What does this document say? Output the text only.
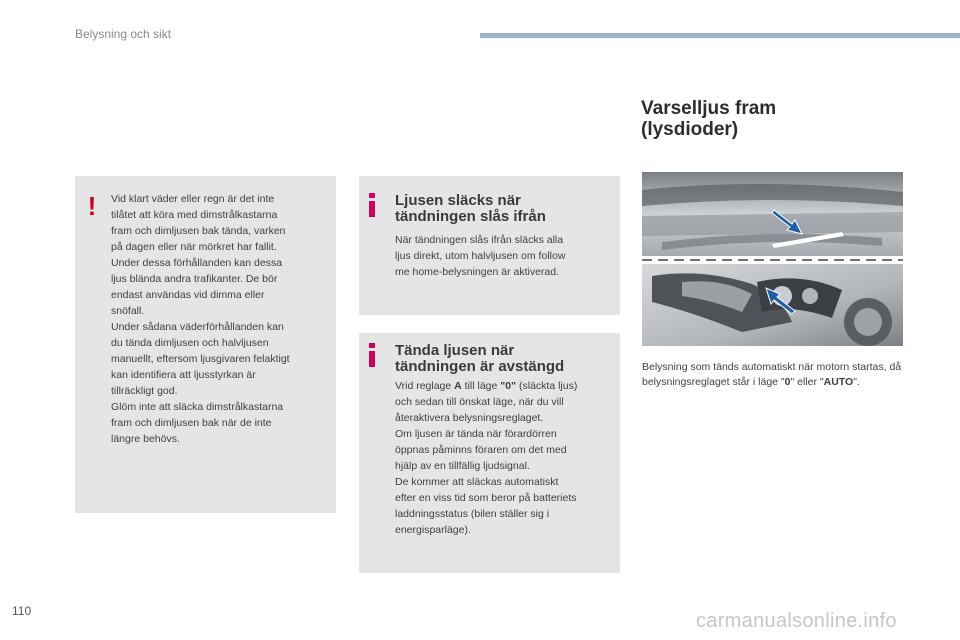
Belysning och sikt
! Vid klart väder eller regn är det inte
tilåtet att köra med dimstrålkastarna
fram och dimljusen bak tända, varken
på dagen eller när mörkret har fallit.
Under dessa förhållanden kan dessa
ljus blända andra trafikanter. De bör
endast användas vid dimma eller
snöfall.
Under sådana väderförhållanden kan
du tända dimljusen och halvljusen
manuellt, eftersom ljusgivaren felaktigt
kan identifiera att ljusstyrkan är
tillräckligt god.
Glöm inte att släcka dimstrålkastarna
fram och dimljusen bak när de inte
längre behövs.
Ljusen släcks när
tändningen slås ifrån
När tändningen slås ifrån släcks alla
ljus direkt, utom halvljusen om follow
me home-belysningen är aktiverad.
Tända ljusen när
tändningen är avstängd
Vrid reglage A till läge "0" (släckta ljus)
och sedan till önskat läge, när du vill
återaktivera belysningsreglaget.
Om ljusen är tända när förardörren
öppnas påminns föraren om det med
hjälp av en tillfällig ljudsignal.
De kommer att släckas automatiskt
efter en viss tid som beror på batteriets
laddningsstatus (bilen ställer sig i
energisparläge).
Varselljus fram
(lysdioder)
Belysning som tänds automatiskt när motorn startas, då belysningsreglaget står i läge "0" eller "AUTO".
110	carmanualsonline.info
